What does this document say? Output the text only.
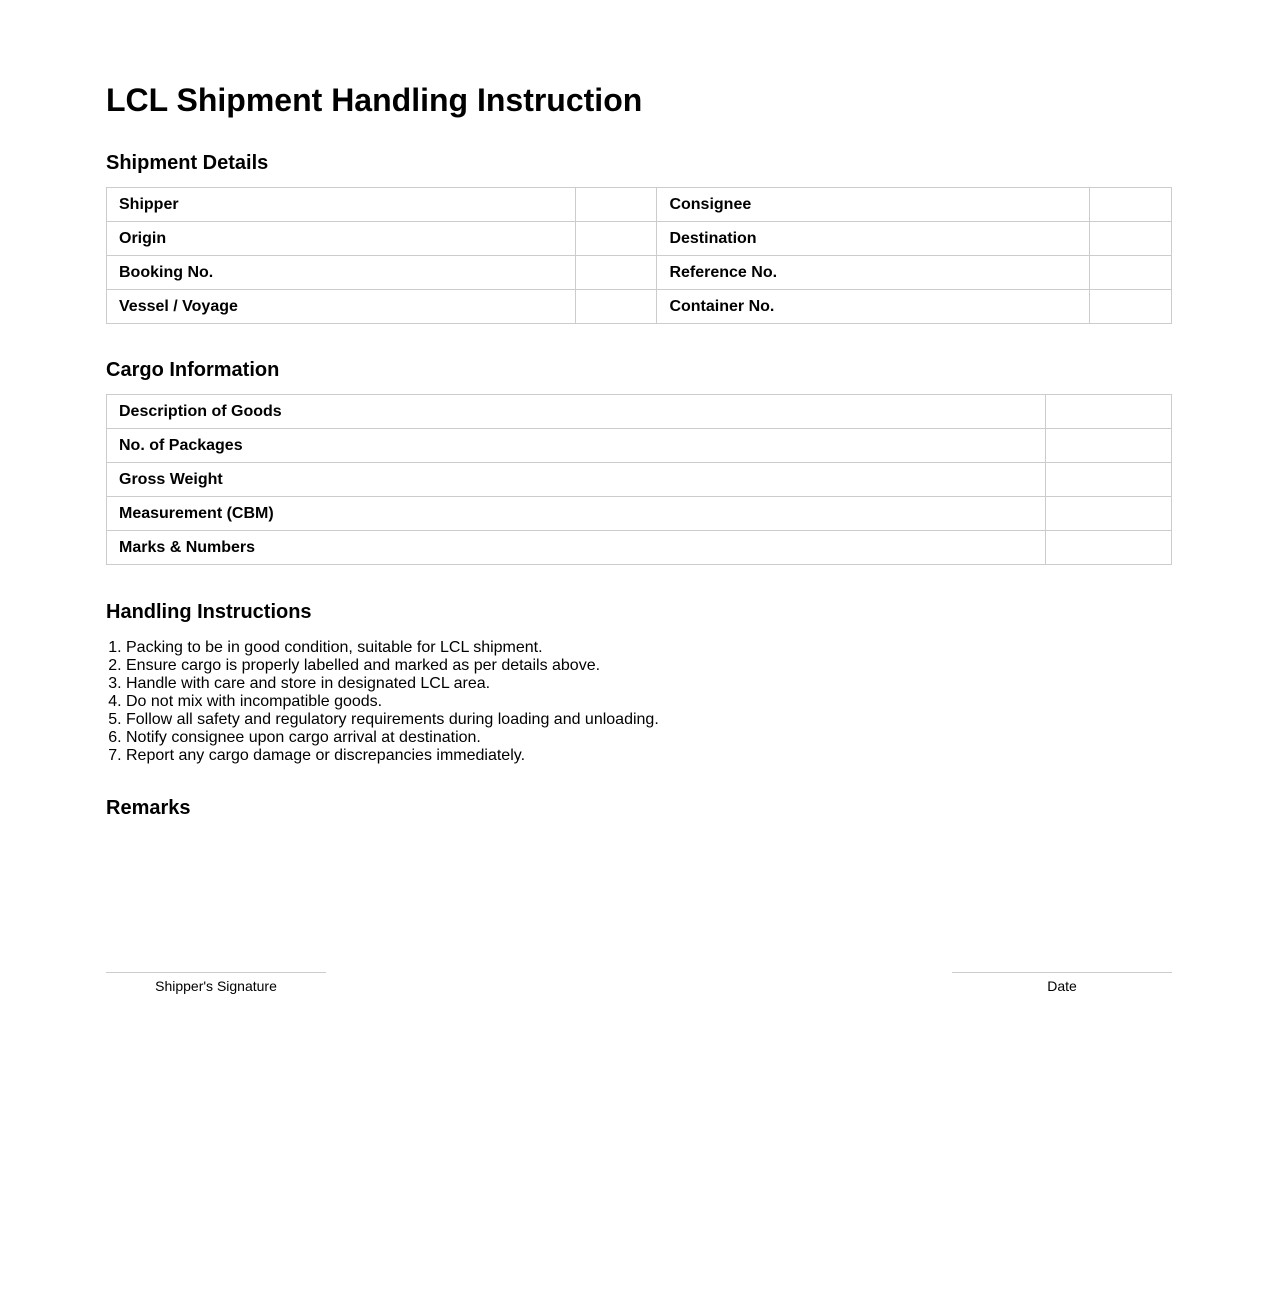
LCL Shipment Handling Instruction
Shipment Details
Shipper		Consignee	
Origin		Destination	
Booking No.		Reference No.	
Vessel / Voyage		Container No.	
Cargo Information
Description of Goods	
No. of Packages	
Gross Weight	
Measurement (CBM)	
Marks & Numbers	
Handling Instructions
1. Packing to be in good condition, suitable for LCL shipment.
2. Ensure cargo is properly labelled and marked as per details above.
3. Handle with care and store in designated LCL area.
4. Do not mix with incompatible goods.
5. Follow all safety and regulatory requirements during loading and unloading.
6. Notify consignee upon cargo arrival at destination.
7. Report any cargo damage or discrepancies immediately.
Remarks
Shipper's Signature	Date
